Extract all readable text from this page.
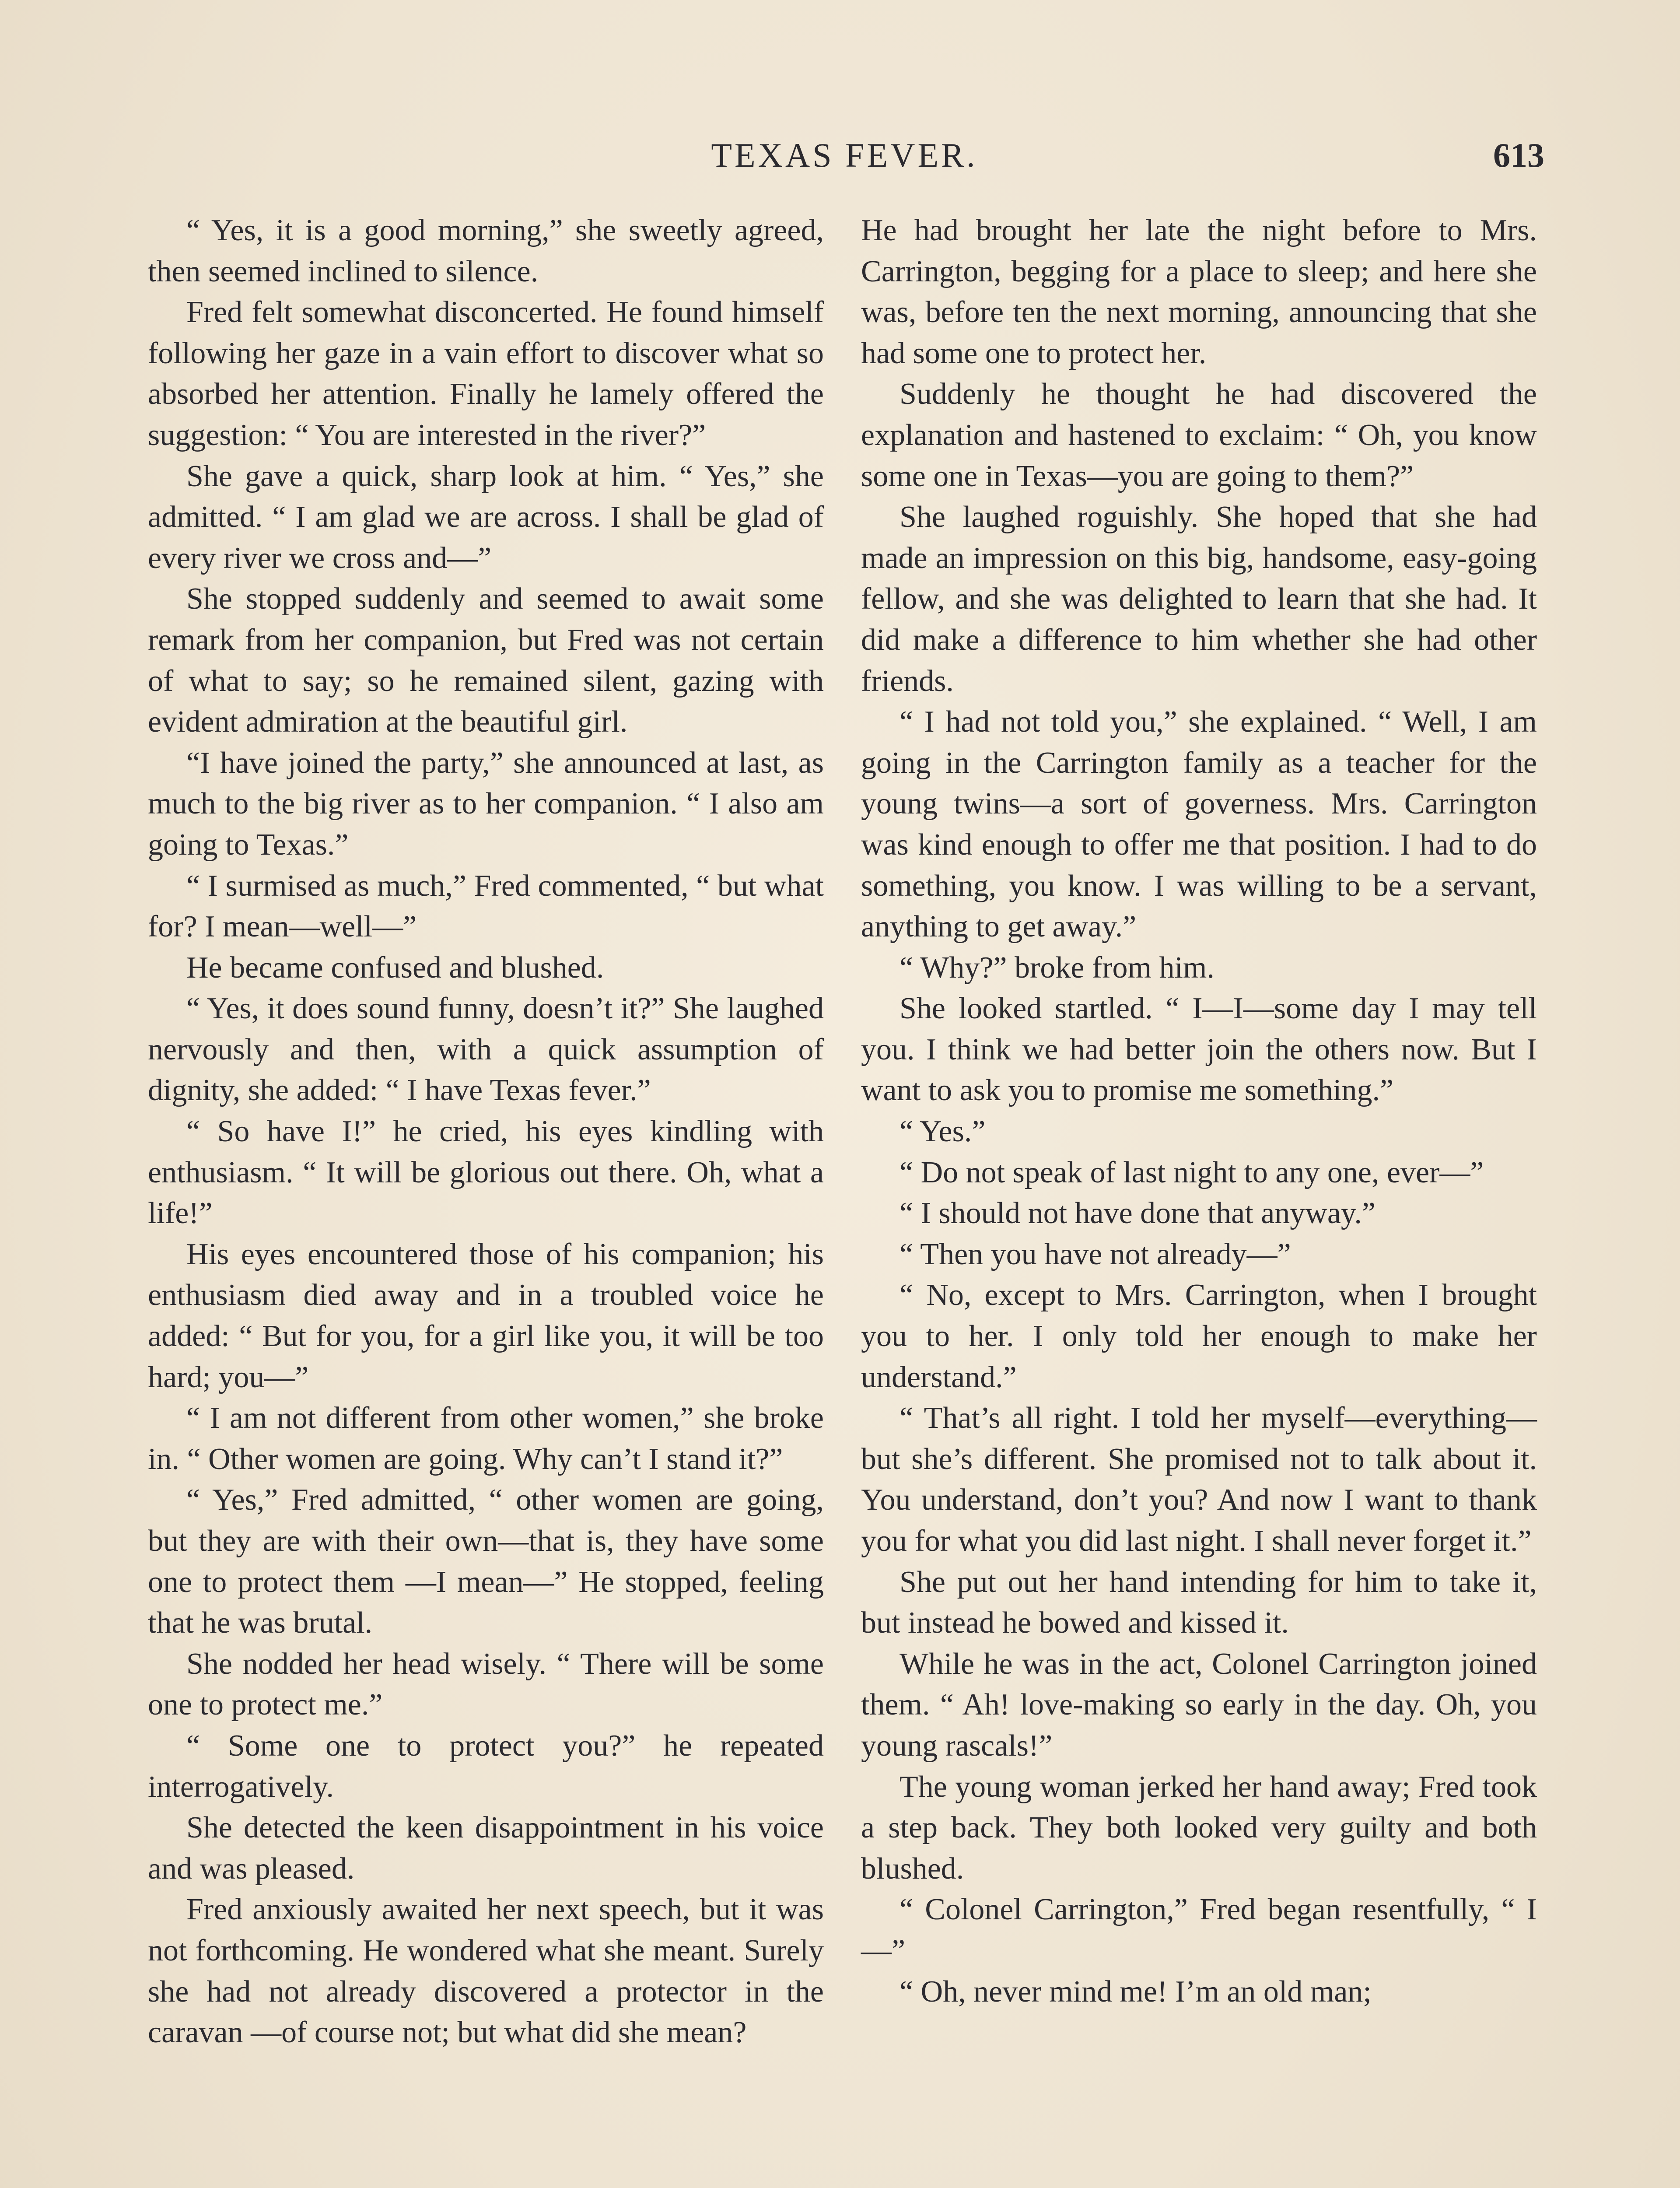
TEXAS FEVER.	613

“ Yes, it is a good morning,” she sweetly agreed, then seemed inclined to silence.

Fred felt somewhat disconcerted. He found himself following her gaze in a vain effort to discover what so absorbed her attention. Finally he lamely offered the suggestion: “ You are interested in the river?”

She gave a quick, sharp look at him. “ Yes,” she admitted. “ I am glad we are across. I shall be glad of every river we cross and—”

She stopped suddenly and seemed to await some remark from her companion, but Fred was not certain of what to say; so he remained silent, gazing with evident admiration at the beautiful girl.

“I have joined the party,” she announced at last, as much to the big river as to her companion. “ I also am going to Texas.”

“ I surmised as much,” Fred commented, “ but what for? I mean—well—”

He became confused and blushed.

“ Yes, it does sound funny, doesn’t it?” She laughed nervously and then, with a quick assumption of dignity, she added: “ I have Texas fever.”

“ So have I!” he cried, his eyes kindling with enthusiasm. “ It will be glorious out there. Oh, what a life!”

His eyes encountered those of his companion; his enthusiasm died away and in a troubled voice he added: “ But for you, for a girl like you, it will be too hard; you—”

“ I am not different from other women,” she broke in. “ Other women are going. Why can’t I stand it?”

“ Yes,” Fred admitted, “ other women are going, but they are with their own—that is, they have some one to protect them —I mean—” He stopped, feeling that he was brutal.

She nodded her head wisely. “ There will be some one to protect me.”

“ Some one to protect you?” he repeated interrogatively.

She detected the keen disappointment in his voice and was pleased.

Fred anxiously awaited her next speech, but it was not forthcoming. He wondered what she meant. Surely she had not already discovered a protector in the caravan —of course not; but what did she mean?

He had brought her late the night before to Mrs. Carrington, begging for a place to sleep; and here she was, before ten the next morning, announcing that she had some one to protect her.

Suddenly he thought he had discovered the explanation and hastened to exclaim: “ Oh, you know some one in Texas—you are going to them?”

She laughed roguishly. She hoped that she had made an impression on this big, handsome, easy-going fellow, and she was delighted to learn that she had. It did make a difference to him whether she had other friends.

“ I had not told you,” she explained. “ Well, I am going in the Carrington family as a teacher for the young twins—a sort of governess. Mrs. Carrington was kind enough to offer me that position. I had to do something, you know. I was willing to be a servant, anything to get away.”

“ Why?” broke from him.

She looked startled. “ I—I—some day I may tell you. I think we had better join the others now. But I want to ask you to promise me something.”

“ Yes.”

“ Do not speak of last night to any one, ever—”

“ I should not have done that anyway.”

“ Then you have not already—”

“ No, except to Mrs. Carrington, when I brought you to her. I only told her enough to make her understand.”

“ That’s all right. I told her myself—everything—but she’s different. She promised not to talk about it. You understand, don’t you? And now I want to thank you for what you did last night. I shall never forget it.”

She put out her hand intending for him to take it, but instead he bowed and kissed it.

While he was in the act, Colonel Carrington joined them. “ Ah! love-making so early in the day. Oh, you young rascals!”

The young woman jerked her hand away; Fred took a step back. They both looked very guilty and both blushed.

“ Colonel Carrington,” Fred began resentfully, “ I—”

“ Oh, never mind me! I’m an old man;
